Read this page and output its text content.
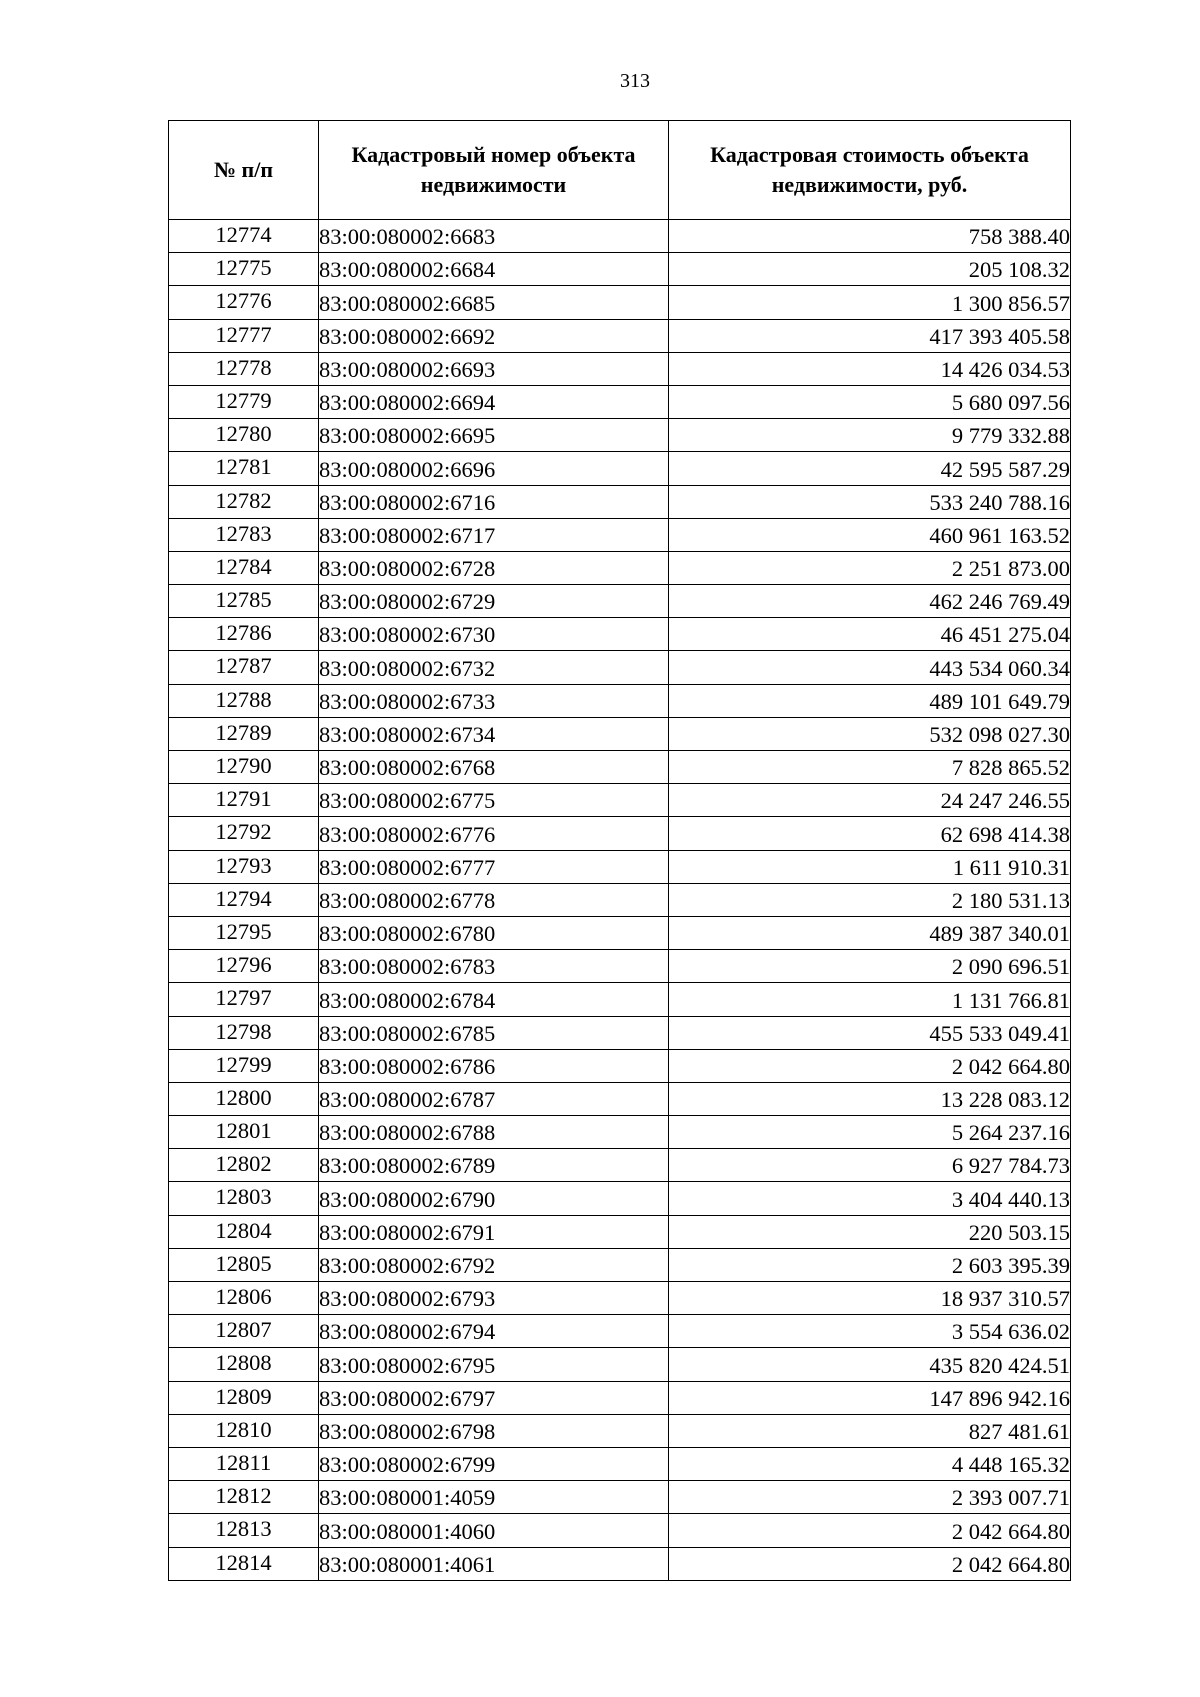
313
№ п/п	Кадастровый номер объекта недвижимости	Кадастровая стоимость объекта недвижимости, руб.
12774	83:00:080002:6683	758 388.40
12775	83:00:080002:6684	205 108.32
12776	83:00:080002:6685	1 300 856.57
12777	83:00:080002:6692	417 393 405.58
12778	83:00:080002:6693	14 426 034.53
12779	83:00:080002:6694	5 680 097.56
12780	83:00:080002:6695	9 779 332.88
12781	83:00:080002:6696	42 595 587.29
12782	83:00:080002:6716	533 240 788.16
12783	83:00:080002:6717	460 961 163.52
12784	83:00:080002:6728	2 251 873.00
12785	83:00:080002:6729	462 246 769.49
12786	83:00:080002:6730	46 451 275.04
12787	83:00:080002:6732	443 534 060.34
12788	83:00:080002:6733	489 101 649.79
12789	83:00:080002:6734	532 098 027.30
12790	83:00:080002:6768	7 828 865.52
12791	83:00:080002:6775	24 247 246.55
12792	83:00:080002:6776	62 698 414.38
12793	83:00:080002:6777	1 611 910.31
12794	83:00:080002:6778	2 180 531.13
12795	83:00:080002:6780	489 387 340.01
12796	83:00:080002:6783	2 090 696.51
12797	83:00:080002:6784	1 131 766.81
12798	83:00:080002:6785	455 533 049.41
12799	83:00:080002:6786	2 042 664.80
12800	83:00:080002:6787	13 228 083.12
12801	83:00:080002:6788	5 264 237.16
12802	83:00:080002:6789	6 927 784.73
12803	83:00:080002:6790	3 404 440.13
12804	83:00:080002:6791	220 503.15
12805	83:00:080002:6792	2 603 395.39
12806	83:00:080002:6793	18 937 310.57
12807	83:00:080002:6794	3 554 636.02
12808	83:00:080002:6795	435 820 424.51
12809	83:00:080002:6797	147 896 942.16
12810	83:00:080002:6798	827 481.61
12811	83:00:080002:6799	4 448 165.32
12812	83:00:080001:4059	2 393 007.71
12813	83:00:080001:4060	2 042 664.80
12814	83:00:080001:4061	2 042 664.80
